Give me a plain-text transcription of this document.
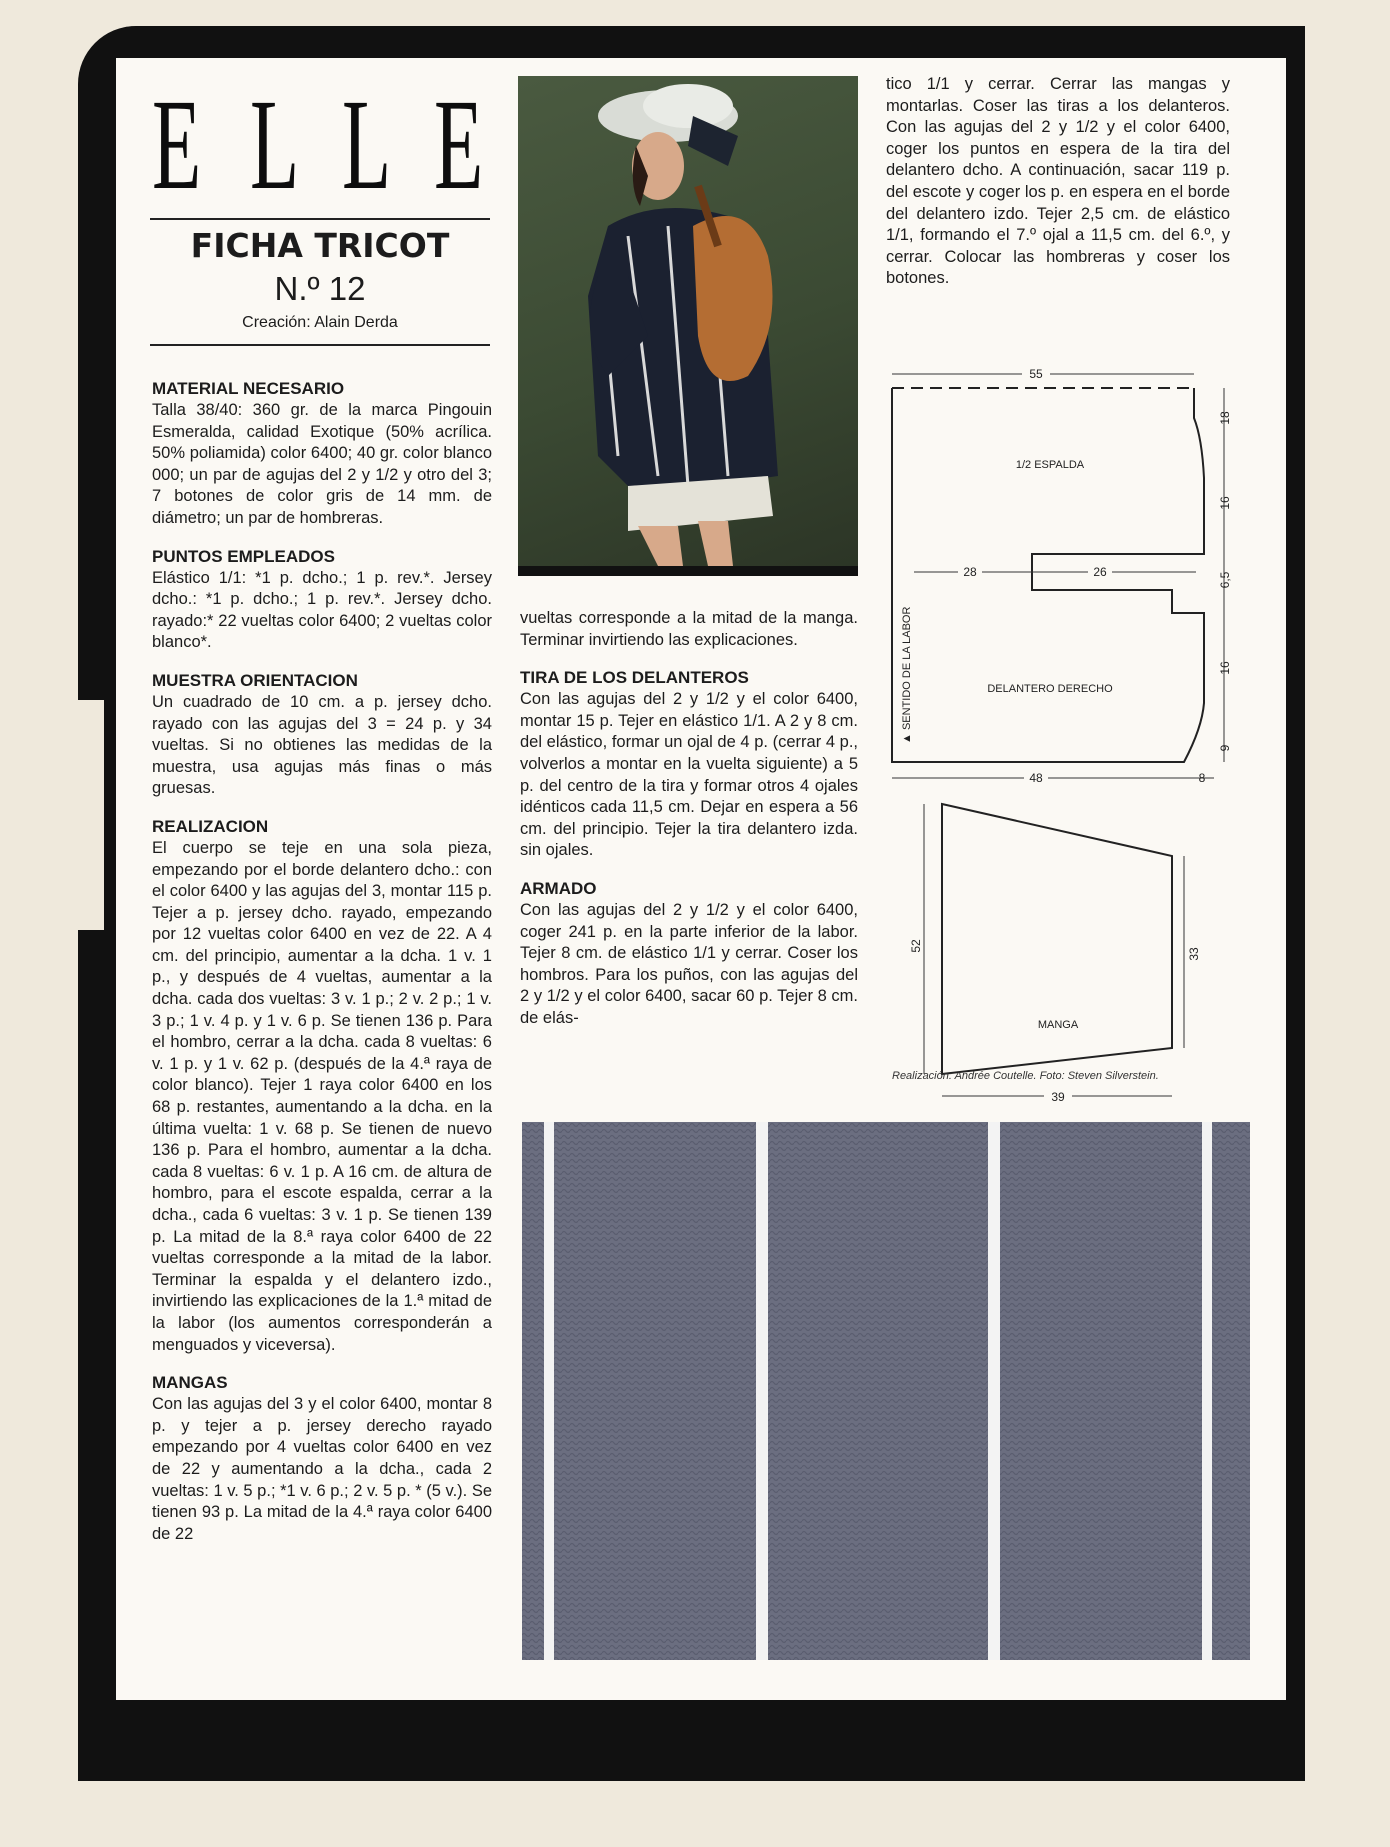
E L L E
FICHA TRICOT
N.º 12
Creación: Alain Derda
MATERIAL NECESARIO

Talla 38/40: 360 gr. de la marca Pingouin Esmeralda, calidad Exotique (50% acrílica. 50% poliamida) color 6400; 40 gr. color blanco 000; un par de agujas del 2 y 1/2 y otro del 3; 7 botones de color gris de 14 mm. de diámetro; un par de hombreras.

PUNTOS EMPLEADOS

Elástico 1/1: *1 p. dcho.; 1 p. rev.*. Jersey dcho.: *1 p. dcho.; 1 p. rev.*. Jersey dcho. rayado:* 22 vueltas color 6400; 2 vueltas color blanco*.

MUESTRA ORIENTACION

Un cuadrado de 10 cm. a p. jersey dcho. rayado con las agujas del 3 = 24 p. y 34 vueltas. Si no obtienes las medidas de la muestra, usa agujas más finas o más gruesas.

REALIZACION

El cuerpo se teje en una sola pieza, empezando por el borde delantero dcho.: con el color 6400 y las agujas del 3, montar 115 p. Tejer a p. jersey dcho. rayado, empezando por 12 vueltas color 6400 en vez de 22. A 4 cm. del principio, aumentar a la dcha. 1 v. 1 p., y después de 4 vueltas, aumentar a la dcha. cada dos vueltas: 3 v. 1 p.; 2 v. 2 p.; 1 v. 3 p.; 1 v. 4 p. y 1 v. 6 p. Se tienen 136 p. Para el hombro, cerrar a la dcha. cada 8 vueltas: 6 v. 1 p. y 1 v. 62 p. (después de la 4.ª raya de color blanco). Tejer 1 raya color 6400 en los 68 p. restantes, aumentando a la dcha. en la última vuelta: 1 v. 68 p. Se tienen de nuevo 136 p. Para el hombro, aumentar a la dcha. cada 8 vueltas: 6 v. 1 p. A 16 cm. de altura de hombro, para el escote espalda, cerrar a la dcha., cada 6 vueltas: 3 v. 1 p. Se tienen 139 p. La mitad de la 8.ª raya color 6400 de 22 vueltas corresponde a la mitad de la labor. Terminar la espalda y el delantero izdo., invirtiendo las explicaciones de la 1.ª mitad de la labor (los aumentos corresponderán a menguados y viceversa).

MANGAS

Con las agujas del 3 y el color 6400, montar 8 p. y tejer a p. jersey derecho rayado empezando por 4 vueltas color 6400 en vez de 22 y aumentando a la dcha., cada 2 vueltas: 1 v. 5 p.; *1 v. 6 p.; 2 v. 5 p. * (5 v.). Se tienen 93 p. La mitad de la 4.ª raya color 6400 de 22

vueltas corresponde a la mitad de la manga. Terminar invirtiendo las explicaciones.

TIRA DE LOS DELANTEROS

Con las agujas del 2 y 1/2 y el color 6400, montar 15 p. Tejer en elástico 1/1. A 2 y 8 cm. del elástico, formar un ojal de 4 p. (cerrar 4 p., volverlos a montar en la vuelta siguiente) a 5 p. del centro de la tira y formar otros 4 ojales idénticos cada 11,5 cm. Dejar en espera a 56 cm. del principio. Tejer la tira delantero izda. sin ojales.

ARMADO

Con las agujas del 2 y 1/2 y el color 6400, coger 241 p. en la parte inferior de la labor. Tejer 8 cm. de elástico 1/1 y cerrar. Coser los hombros. Para los puños, con las agujas del 2 y 1/2 y el color 6400, sacar 60 p. Tejer 8 cm. de elás-

tico 1/1 y cerrar. Cerrar las mangas y montarlas. Coser las tiras a los delanteros. Con las agujas del 2 y 1/2 y el color 6400, coger los puntos en espera de la tira del delantero dcho. A continuación, sacar 119 p. del escote y coger los p. en espera en el borde del delantero izdo. Tejer 2,5 cm. de elástico 1/1, formando el 7.º ojal a 11,5 cm. del 6.º, y cerrar. Colocar las hombreras y coser los botones.

55
1/2 ESPALDA
DELANTERO DERECHO
▲ SENTIDO DE LA LABOR
28	26
48	8
18
16
6,5
16
9
52
33
MANGA
39
Realización: Andrée Coutelle. Foto: Steven Silverstein.
